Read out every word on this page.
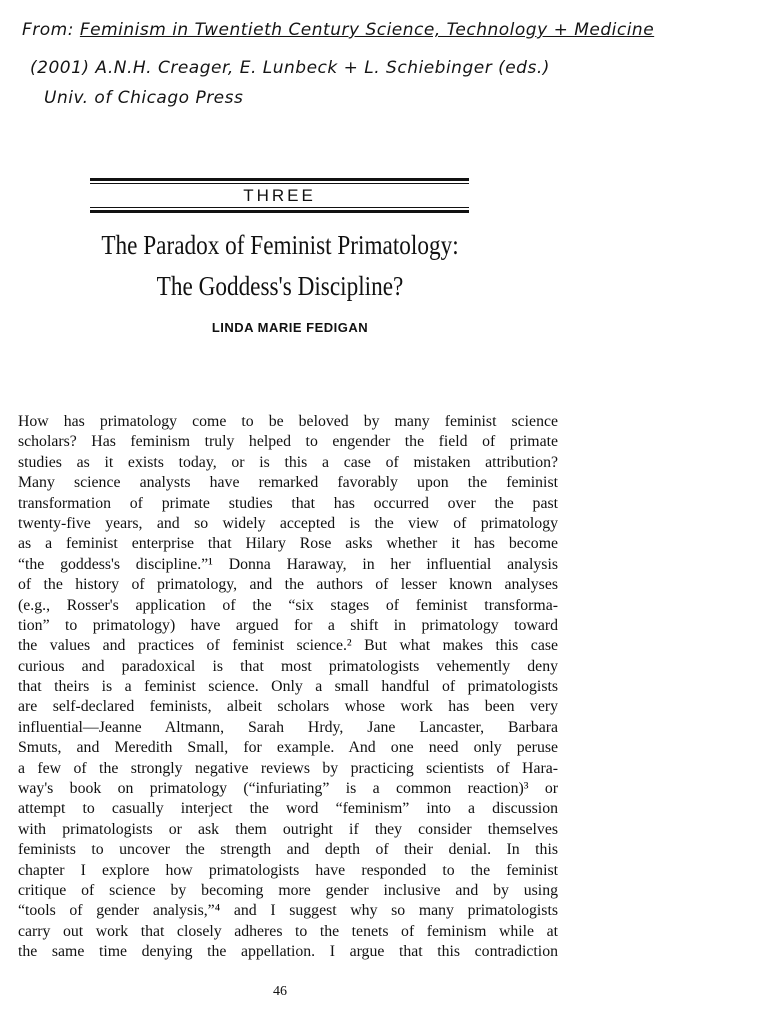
From: Feminism in Twentieth Century Science, Technology + Medicine
(2001) A.N.H. Creager, E. Lunbeck + L. Schiebinger (eds.)
Univ. of Chicago Press
THREE
The Paradox of Feminist Primatology:
The Goddess's Discipline?
LINDA MARIE FEDIGAN
How has primatology come to be beloved by many feminist science
scholars? Has feminism truly helped to engender the field of primate
studies as it exists today, or is this a case of mistaken attribution?
Many science analysts have remarked favorably upon the feminist
transformation of primate studies that has occurred over the past
twenty-five years, and so widely accepted is the view of primatology
as a feminist enterprise that Hilary Rose asks whether it has become
“the goddess's discipline.”¹ Donna Haraway, in her influential analysis
of the history of primatology, and the authors of lesser known analyses
(e.g., Rosser's application of the “six stages of feminist transforma-
tion” to primatology) have argued for a shift in primatology toward
the values and practices of feminist science.² But what makes this case
curious and paradoxical is that most primatologists vehemently deny
that theirs is a feminist science. Only a small handful of primatologists
are self-declared feminists, albeit scholars whose work has been very
influential—Jeanne Altmann, Sarah Hrdy, Jane Lancaster, Barbara
Smuts, and Meredith Small, for example. And one need only peruse
a few of the strongly negative reviews by practicing scientists of Hara-
way's book on primatology (“infuriating” is a common reaction)³ or
attempt to casually interject the word “feminism” into a discussion
with primatologists or ask them outright if they consider themselves
feminists to uncover the strength and depth of their denial. In this
chapter I explore how primatologists have responded to the feminist
critique of science by becoming more gender inclusive and by using
“tools of gender analysis,”⁴ and I suggest why so many primatologists
carry out work that closely adheres to the tenets of feminism while at
the same time denying the appellation. I argue that this contradiction
46
